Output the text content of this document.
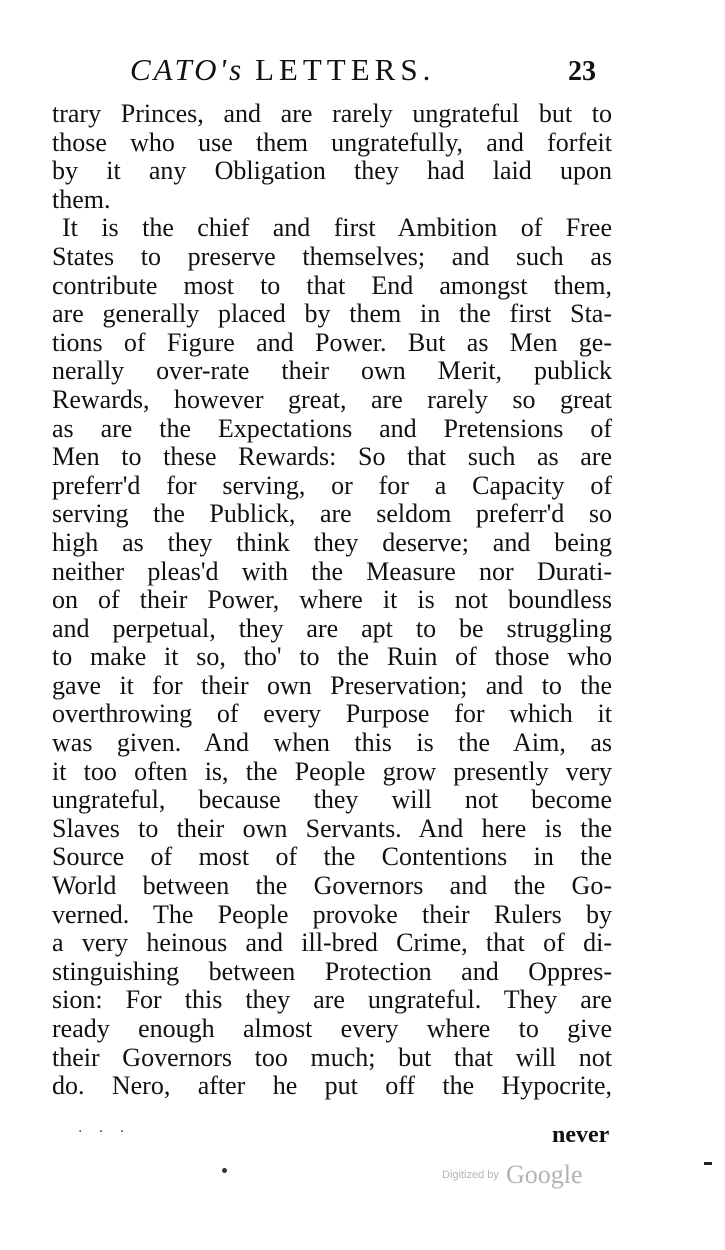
CATO's LETTERS.	23
trary Princes, and are rarely ungrateful but to
those who use them ungratefully, and forfeit
by it any Obligation they had laid upon
them.
It is the chief and first Ambition of Free
States to preserve themselves; and such as
contribute most to that End amongst them,
are generally placed by them in the first Sta-
tions of Figure and Power. But as Men ge-
nerally over-rate their own Merit, publick
Rewards, however great, are rarely so great
as are the Expectations and Pretensions of
Men to these Rewards: So that such as are
preferr'd for serving, or for a Capacity of
serving the Publick, are seldom preferr'd so
high as they think they deserve; and being
neither pleas'd with the Measure nor Durati-
on of their Power, where it is not boundless
and perpetual, they are apt to be struggling
to make it so, tho' to the Ruin of those who
gave it for their own Preservation; and to the
overthrowing of every Purpose for which it
was given. And when this is the Aim, as
it too often is, the People grow presently very
ungrateful, because they will not become
Slaves to their own Servants. And here is the
Source of most of the Contentions in the
World between the Governors and the Go-
verned. The People provoke their Rulers by
a very heinous and ill-bred Crime, that of di-
stinguishing between Protection and Oppres-
sion: For this they are ungrateful. They are
ready enough almost every where to give
their Governors too much; but that will not
do. Nero, after he put off the Hypocrite,
· · ·	never
Digitized by Google
